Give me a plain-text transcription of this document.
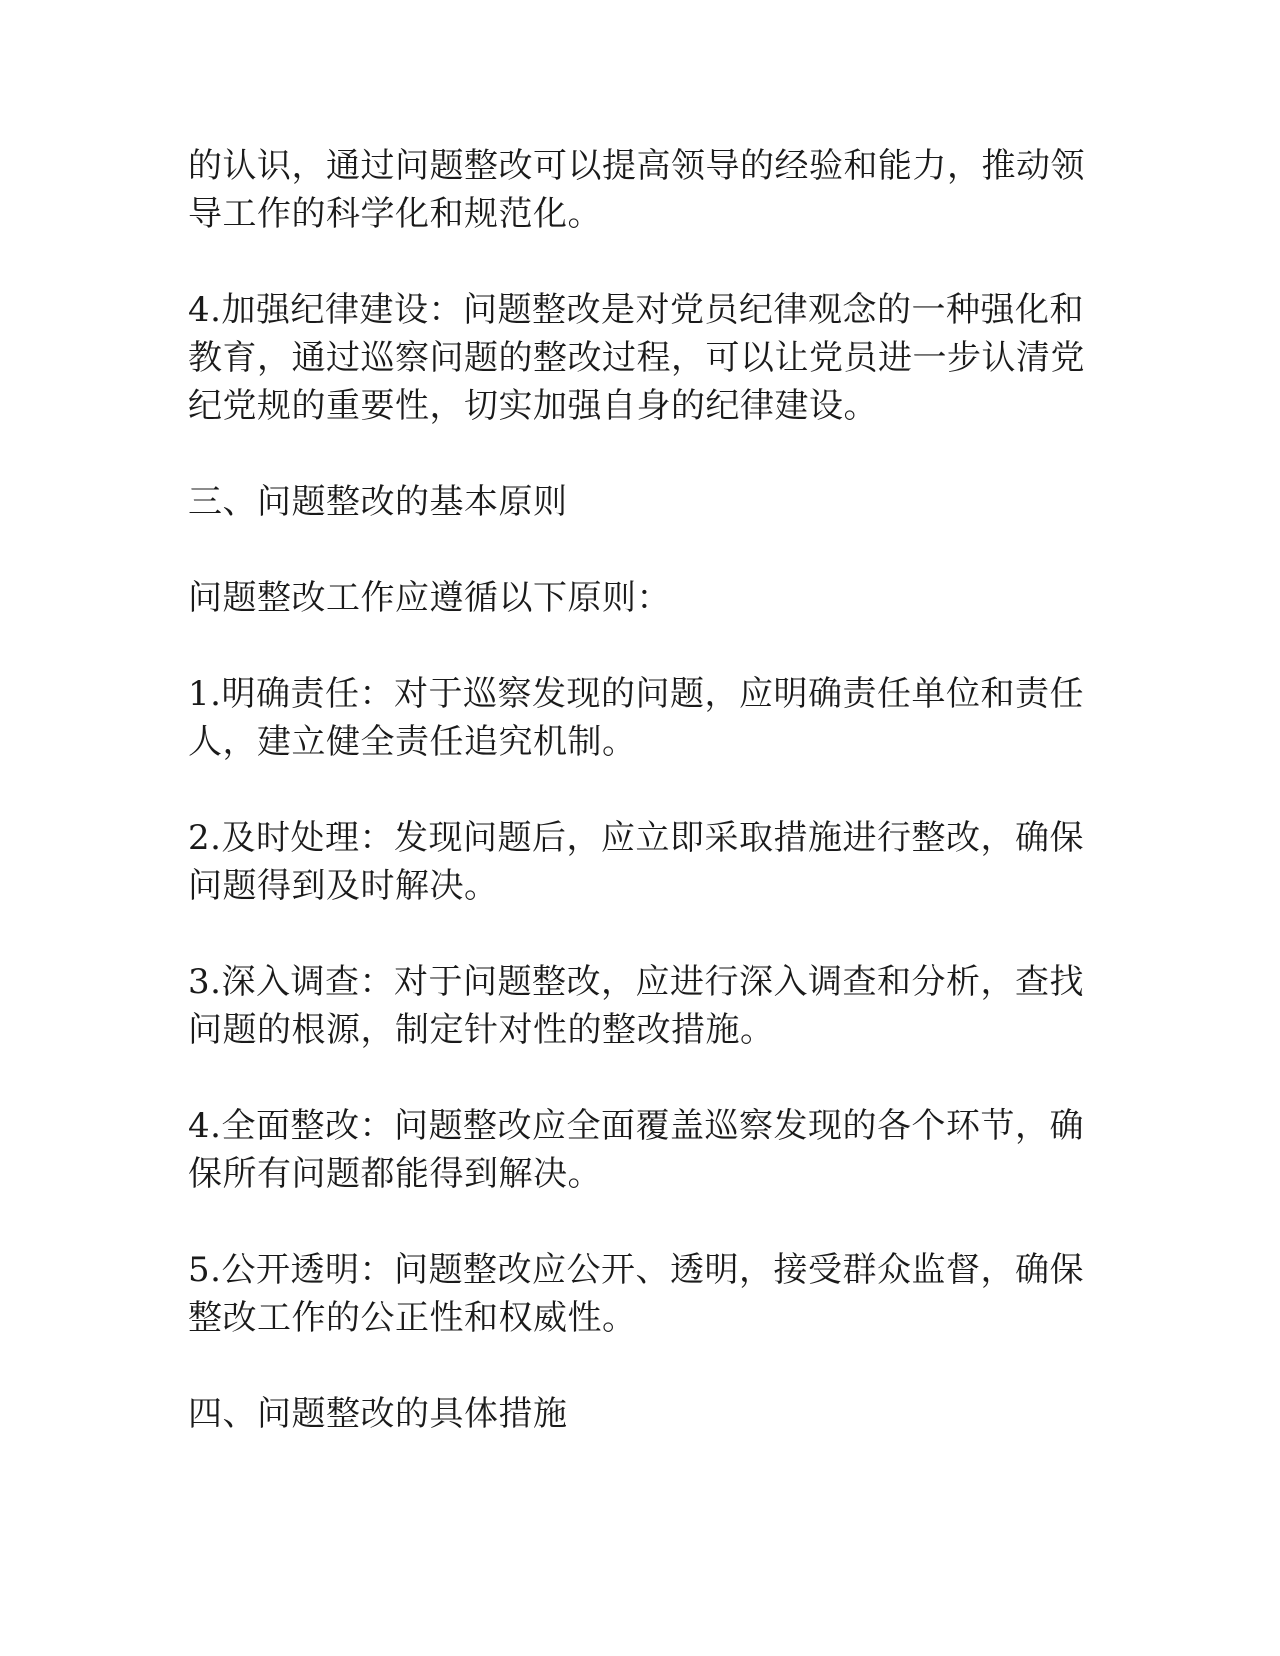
的认识，通过问题整改可以提高领导的经验和能力，推动领导工作的科学化和规范化。

4.加强纪律建设：问题整改是对党员纪律观念的一种强化和教育，通过巡察问题的整改过程，可以让党员进一步认清党纪党规的重要性，切实加强自身的纪律建设。

三、问题整改的基本原则

问题整改工作应遵循以下原则：

1.明确责任：对于巡察发现的问题，应明确责任单位和责任人，建立健全责任追究机制。

2.及时处理：发现问题后，应立即采取措施进行整改，确保问题得到及时解决。

3.深入调查：对于问题整改，应进行深入调查和分析，查找问题的根源，制定针对性的整改措施。

4.全面整改：问题整改应全面覆盖巡察发现的各个环节，确保所有问题都能得到解决。

5.公开透明：问题整改应公开、透明，接受群众监督，确保整改工作的公正性和权威性。

四、问题整改的具体措施
